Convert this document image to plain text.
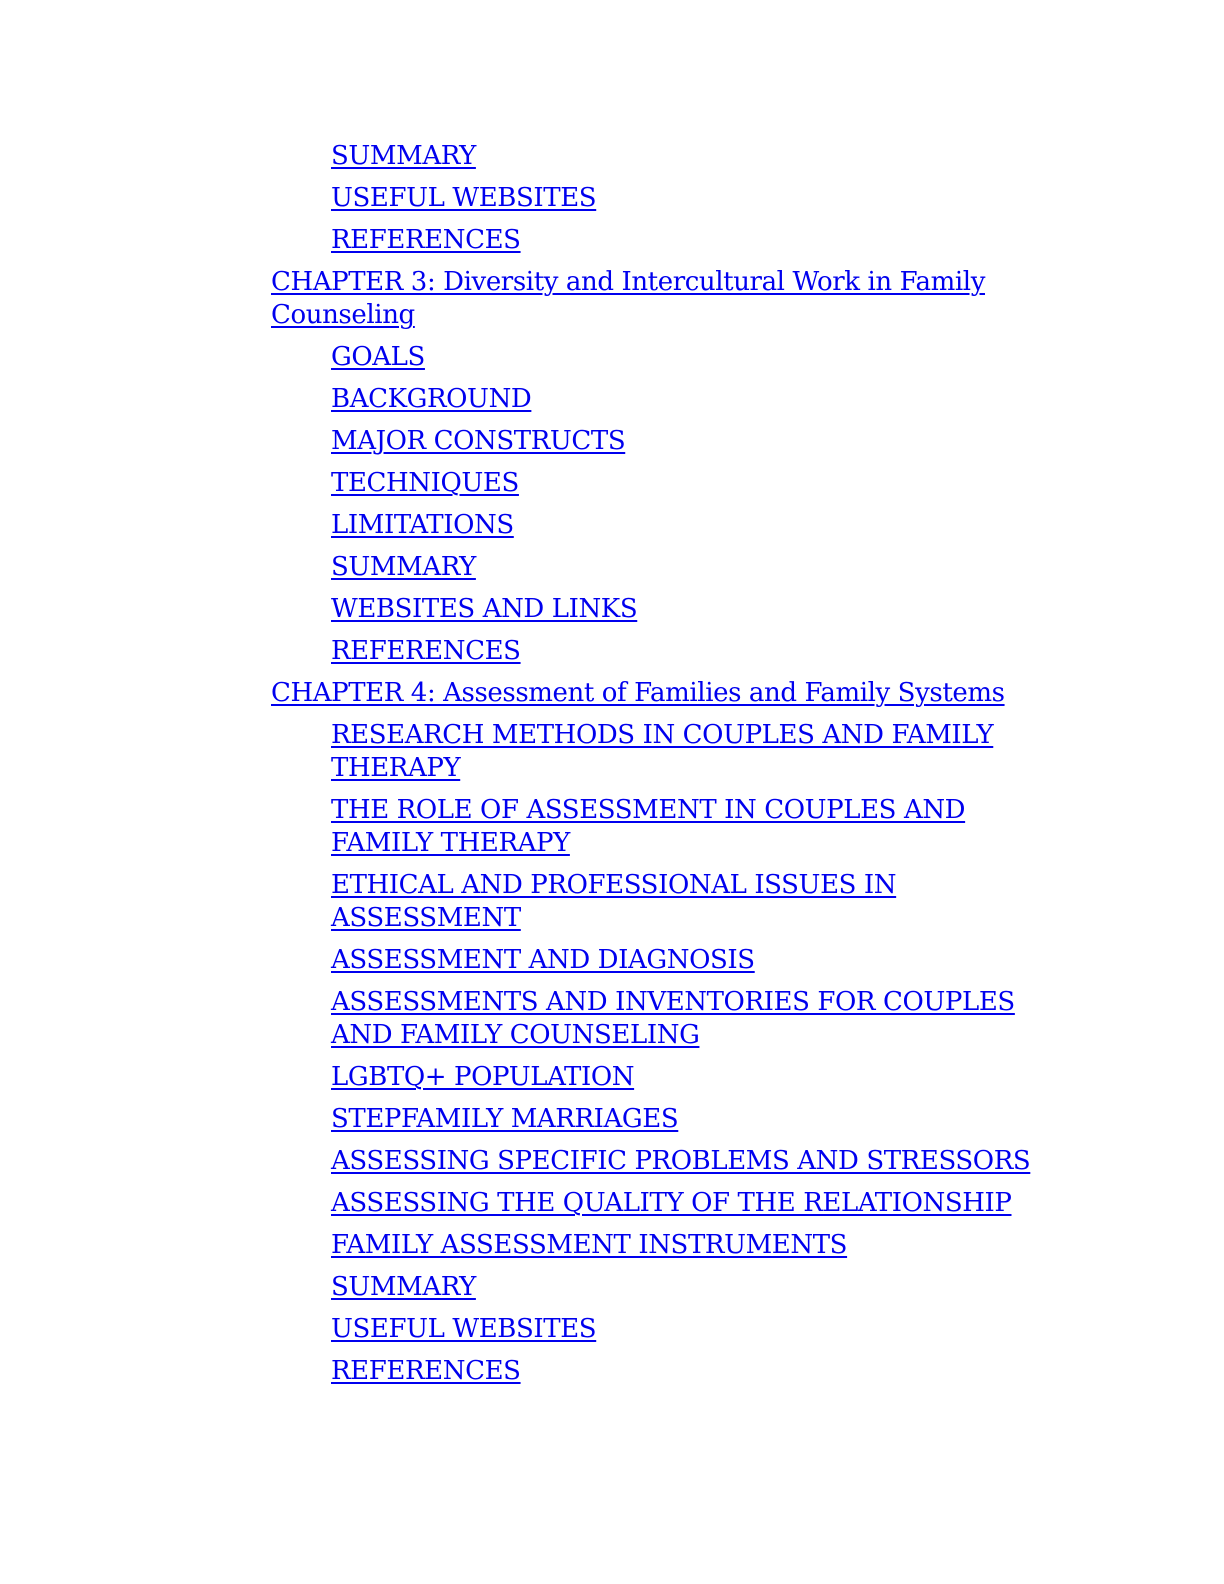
SUMMARY
USEFUL WEBSITES
REFERENCES
CHAPTER 3: Diversity and Intercultural Work in Family Counseling
GOALS
BACKGROUND
MAJOR CONSTRUCTS
TECHNIQUES
LIMITATIONS
SUMMARY
WEBSITES AND LINKS
REFERENCES
CHAPTER 4: Assessment of Families and Family Systems
RESEARCH METHODS IN COUPLES AND FAMILY THERAPY
THE ROLE OF ASSESSMENT IN COUPLES AND FAMILY THERAPY
ETHICAL AND PROFESSIONAL ISSUES IN ASSESSMENT
ASSESSMENT AND DIAGNOSIS
ASSESSMENTS AND INVENTORIES FOR COUPLES AND FAMILY COUNSELING
LGBTQ+ POPULATION
STEPFAMILY MARRIAGES
ASSESSING SPECIFIC PROBLEMS AND STRESSORS
ASSESSING THE QUALITY OF THE RELATIONSHIP
FAMILY ASSESSMENT INSTRUMENTS
SUMMARY
USEFUL WEBSITES
REFERENCES
